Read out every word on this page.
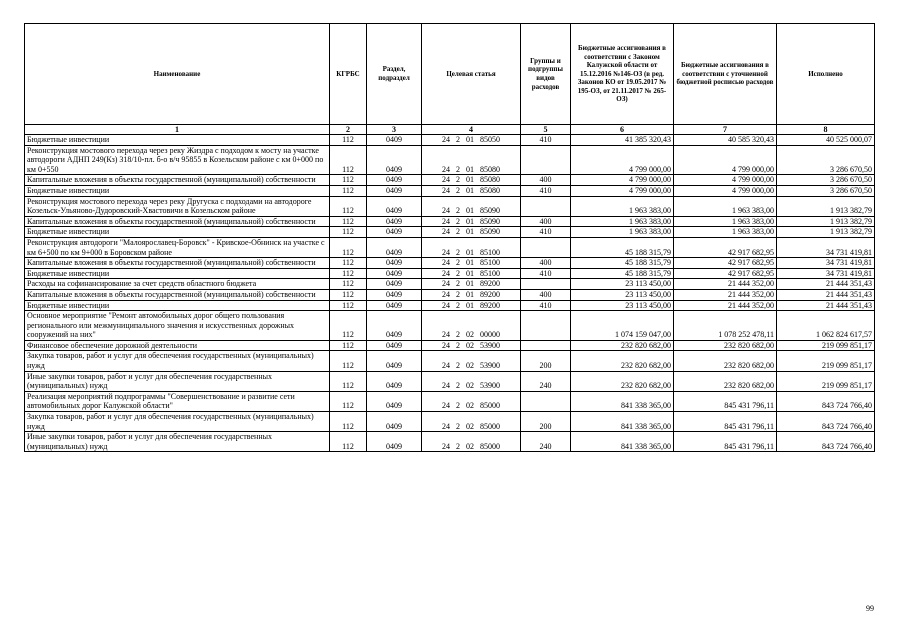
Наименование	КГРБС	Раздел, подраздел	Целевая статья	Группы и подгруппы видов расходов	Бюджетные ассигнования в соответствии с Законом Калужской области от 15.12.2016 №146-ОЗ (в ред. Законов КО от 19.05.2017 № 195-ОЗ, от 21.11.2017 № 265-ОЗ)	Бюджетные ассигнования в соответствии с уточненной бюджетной росписью расходов	Исполнено
1	2	3	4	5	6	7	8
Бюджетные инвестиции	112	0409	24 2 01 85050	410	41 385 320,43	40 585 320,43	40 525 000,07
Реконструкция мостового перехода через реку Жиздра с подходом к мосту на участке автодороги АДНП 249(Кз) 318/10-пл. б-о в/ч 95855 в Козельском районе с км 0+000 по км 0+550	112	0409	24 2 01 85080		4 799 000,00	4 799 000,00	3 286 670,50
Капитальные вложения в объекты государственной (муниципальной) собственности	112	0409	24 2 01 85080	400	4 799 000,00	4 799 000,00	3 286 670,50
Бюджетные инвестиции	112	0409	24 2 01 85080	410	4 799 000,00	4 799 000,00	3 286 670,50
Реконструкция мостового перехода через реку Другуска с подходами на автодороге Козельск-Ульяново-Дудоровский-Хвастовичи в Козельском районе	112	0409	24 2 01 85090		1 963 383,00	1 963 383,00	1 913 382,79
Капитальные вложения в объекты государственной (муниципальной) собственности	112	0409	24 2 01 85090	400	1 963 383,00	1 963 383,00	1 913 382,79
Бюджетные инвестиции	112	0409	24 2 01 85090	410	1 963 383,00	1 963 383,00	1 913 382,79
Реконструкция автодороги "Малоярославец-Боровск" - Кривское-Обнинск на участке с км 6+500 по км 9+000 в Боровском районе	112	0409	24 2 01 85100		45 188 315,79	42 917 682,95	34 731 419,81
Капитальные вложения в объекты государственной (муниципальной) собственности	112	0409	24 2 01 85100	400	45 188 315,79	42 917 682,95	34 731 419,81
Бюджетные инвестиции	112	0409	24 2 01 85100	410	45 188 315,79	42 917 682,95	34 731 419,81
Расходы на софинансирование за счет средств областного бюджета	112	0409	24 2 01 89200		23 113 450,00	21 444 352,00	21 444 351,43
Капитальные вложения в объекты государственной (муниципальной) собственности	112	0409	24 2 01 89200	400	23 113 450,00	21 444 352,00	21 444 351,43
Бюджетные инвестиции	112	0409	24 2 01 89200	410	23 113 450,00	21 444 352,00	21 444 351,43
Основное мероприятие "Ремонт автомобильных дорог общего пользования регионального или межмуниципального значения и искусственных дорожных сооружений на них"	112	0409	24 2 02 00000		1 074 159 047,00	1 078 252 478,11	1 062 824 617,57
Финансовое обеспечение дорожной деятельности	112	0409	24 2 02 53900		232 820 682,00	232 820 682,00	219 099 851,17
Закупка товаров, работ и услуг для обеспечения государственных (муниципальных) нужд	112	0409	24 2 02 53900	200	232 820 682,00	232 820 682,00	219 099 851,17
Иные закупки товаров, работ и услуг для обеспечения государственных (муниципальных) нужд	112	0409	24 2 02 53900	240	232 820 682,00	232 820 682,00	219 099 851,17
Реализация мероприятий подпрограммы "Совершенствование и развитие сети автомобильных дорог Калужской области"	112	0409	24 2 02 85000		841 338 365,00	845 431 796,11	843 724 766,40
Закупка товаров, работ и услуг для обеспечения государственных (муниципальных) нужд	112	0409	24 2 02 85000	200	841 338 365,00	845 431 796,11	843 724 766,40
Иные закупки товаров, работ и услуг для обеспечения государственных (муниципальных) нужд	112	0409	24 2 02 85000	240	841 338 365,00	845 431 796,11	843 724 766,40
99
